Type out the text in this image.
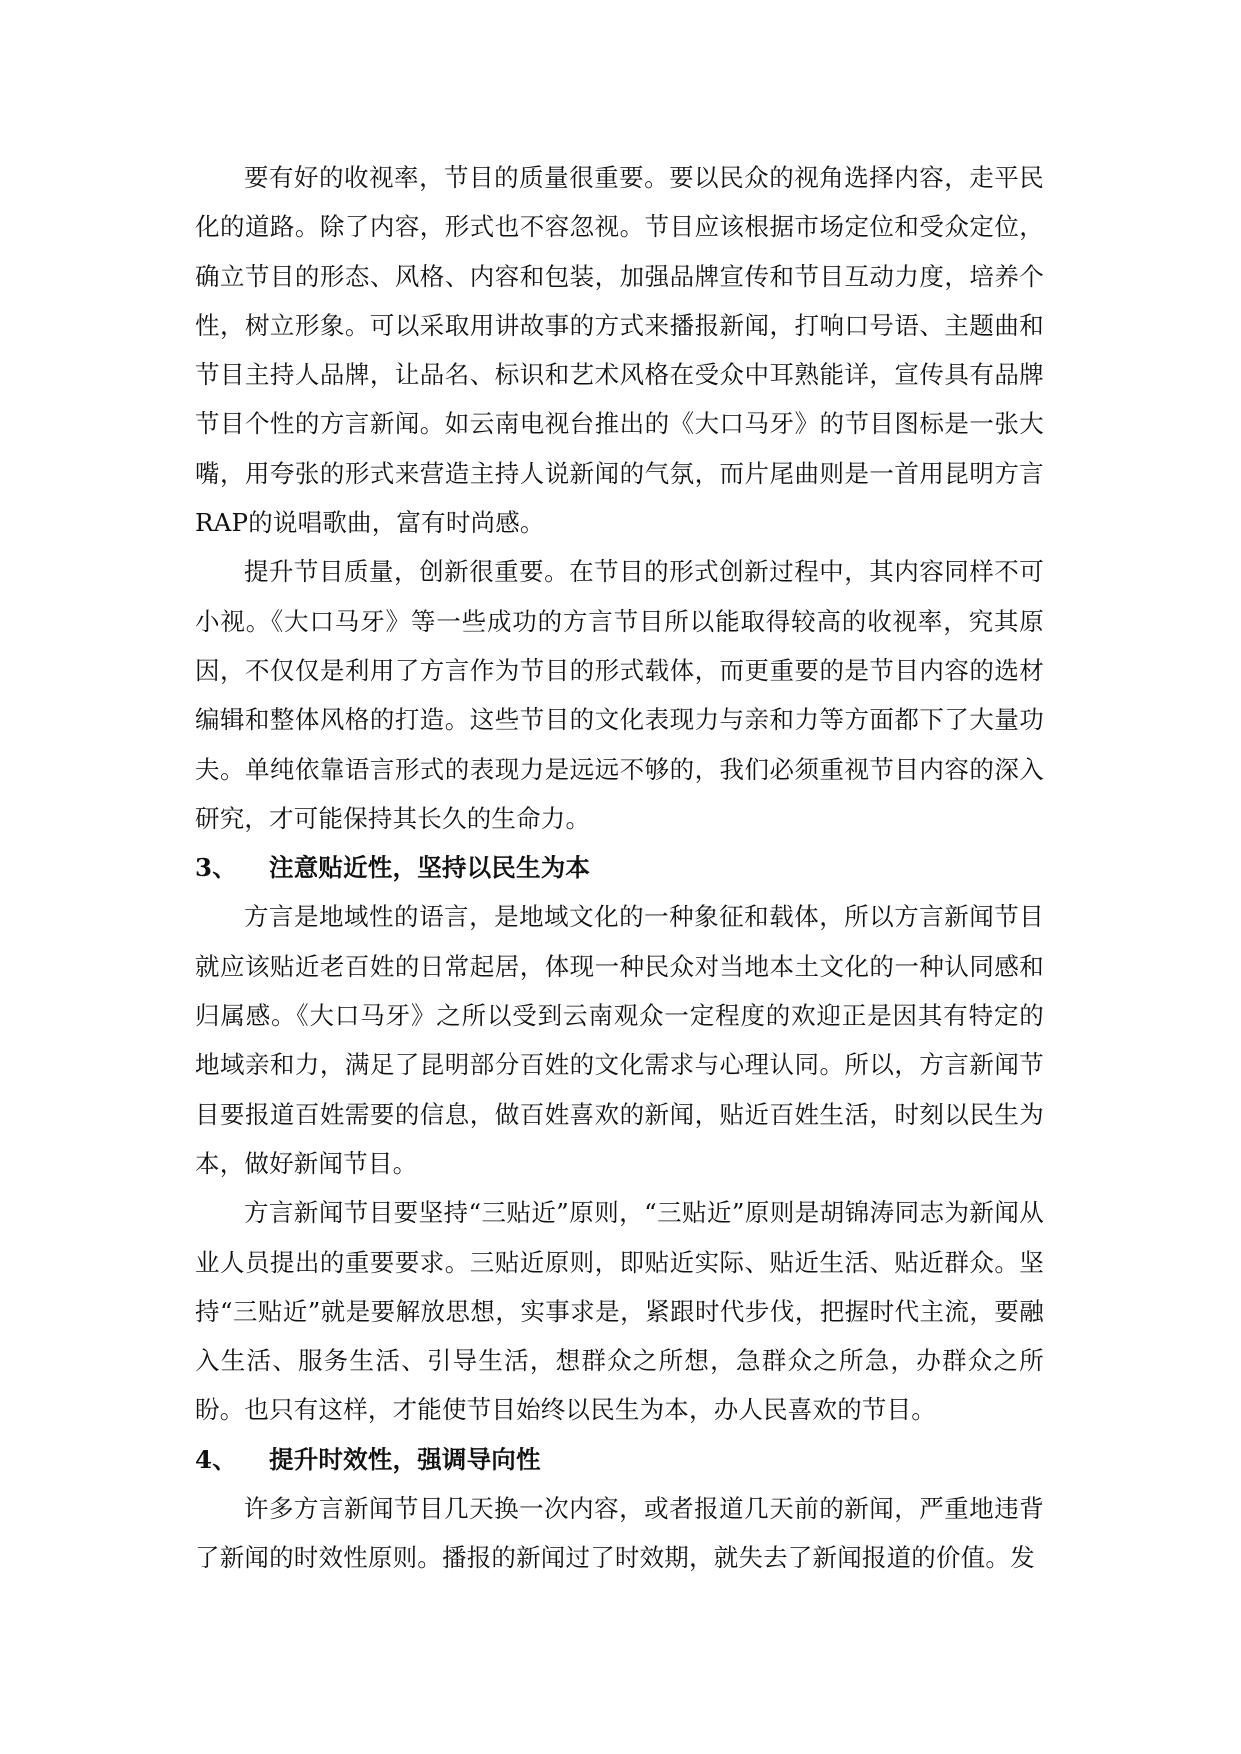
要有好的收视率，节目的质量很重要。要以民众的视角选择内容，走平民化的道路。除了内容，形式也不容忽视。节目应该根据市场定位和受众定位，确立节目的形态、风格、内容和包装，加强品牌宣传和节目互动力度，培养个性，树立形象。可以采取用讲故事的方式来播报新闻，打响口号语、主题曲和节目主持人品牌，让品名、标识和艺术风格在受众中耳熟能详，宣传具有品牌节目个性的方言新闻。如云南电视台推出的《大口马牙》的节目图标是一张大嘴，用夸张的形式来营造主持人说新闻的气氛，而片尾曲则是一首用昆明方言RAP的说唱歌曲，富有时尚感。

提升节目质量，创新很重要。在节目的形式创新过程中，其内容同样不可小视。《大口马牙》等一些成功的方言节目所以能取得较高的收视率，究其原因，不仅仅是利用了方言作为节目的形式载体，而更重要的是节目内容的选材编辑和整体风格的打造。这些节目的文化表现力与亲和力等方面都下了大量功夫。单纯依靠语言形式的表现力是远远不够的，我们必须重视节目内容的深入研究，才可能保持其长久的生命力。

3、	注意贴近性，坚持以民生为本

方言是地域性的语言，是地域文化的一种象征和载体，所以方言新闻节目就应该贴近老百姓的日常起居，体现一种民众对当地本土文化的一种认同感和归属感。《大口马牙》之所以受到云南观众一定程度的欢迎正是因其有特定的地域亲和力，满足了昆明部分百姓的文化需求与心理认同。所以，方言新闻节目要报道百姓需要的信息，做百姓喜欢的新闻，贴近百姓生活，时刻以民生为本，做好新闻节目。

方言新闻节目要坚持“三贴近”原则，“三贴近”原则是胡锦涛同志为新闻从业人员提出的重要要求。三贴近原则，即贴近实际、贴近生活、贴近群众。坚持“三贴近”就是要解放思想，实事求是，紧跟时代步伐，把握时代主流，要融入生活、服务生活、引导生活，想群众之所想，急群众之所急，办群众之所盼。也只有这样，才能使节目始终以民生为本，办人民喜欢的节目。

4、	提升时效性，强调导向性

许多方言新闻节目几天换一次内容，或者报道几天前的新闻，严重地违背了新闻的时效性原则。播报的新闻过了时效期，就失去了新闻报道的价值。发
